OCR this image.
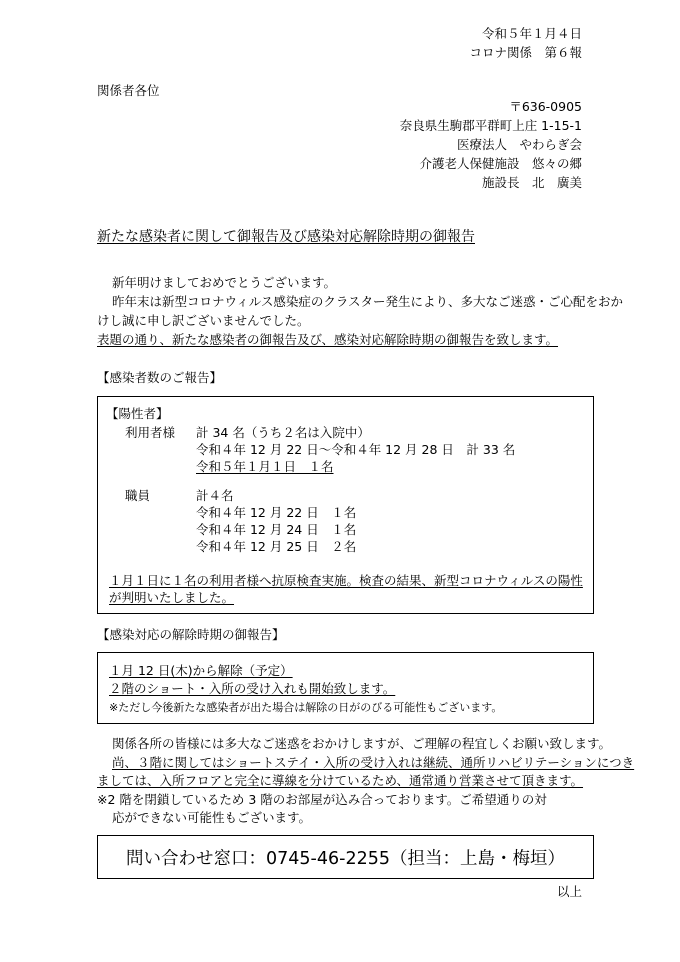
令和５年１月４日
コロナ関係　第６報
関係者各位
〒636-0905
奈良県生駒郡平群町上庄 1-15-1
医療法人　やわらぎ会
介護老人保健施設　悠々の郷
施設長　北　廣美
新たな感染者に関して御報告及び感染対応解除時期の御報告
新年明けましておめでとうございます。
昨年末は新型コロナウィルス感染症のクラスター発生により、多大なご迷惑・ご心配をおか
けし誠に申し訳ございませんでした。
表題の通り、新たな感染者の御報告及び、感染対応解除時期の御報告を致します。
【感染者数のご報告】
【陽性者】
利用者様 計 34 名（うち２名は入院中）
令和４年 12 月 22 日～令和４年 12 月 28 日　計 33 名
令和５年１月１日　１名
職員	計４名
令和４年 12 月 22 日　１名
令和４年 12 月 24 日　１名
令和４年 12 月 25 日　２名
１月１日に１名の利用者様へ抗原検査実施。検査の結果、新型コロナウィルスの陽性
が判明いたしました。
【感染対応の解除時期の御報告】
１月 12 日(木)から解除（予定）
２階のショート・入所の受け入れも開始致します。
※ただし今後新たな感染者が出た場合は解除の日がのびる可能性もございます。
関係各所の皆様には多大なご迷惑をおかけしますが、ご理解の程宜しくお願い致します。
尚、３階に関してはショートステイ・入所の受け入れは継続、通所リハビリテーションにつき
ましては、入所フロアと完全に導線を分けているため、通常通り営業させて頂きます。
※2 階を閉鎖しているため 3 階のお部屋が込み合っております。ご希望通りの対
応ができない可能性もございます。
問い合わせ窓口：0745-46-2255（担当：上島・梅垣）
以上
